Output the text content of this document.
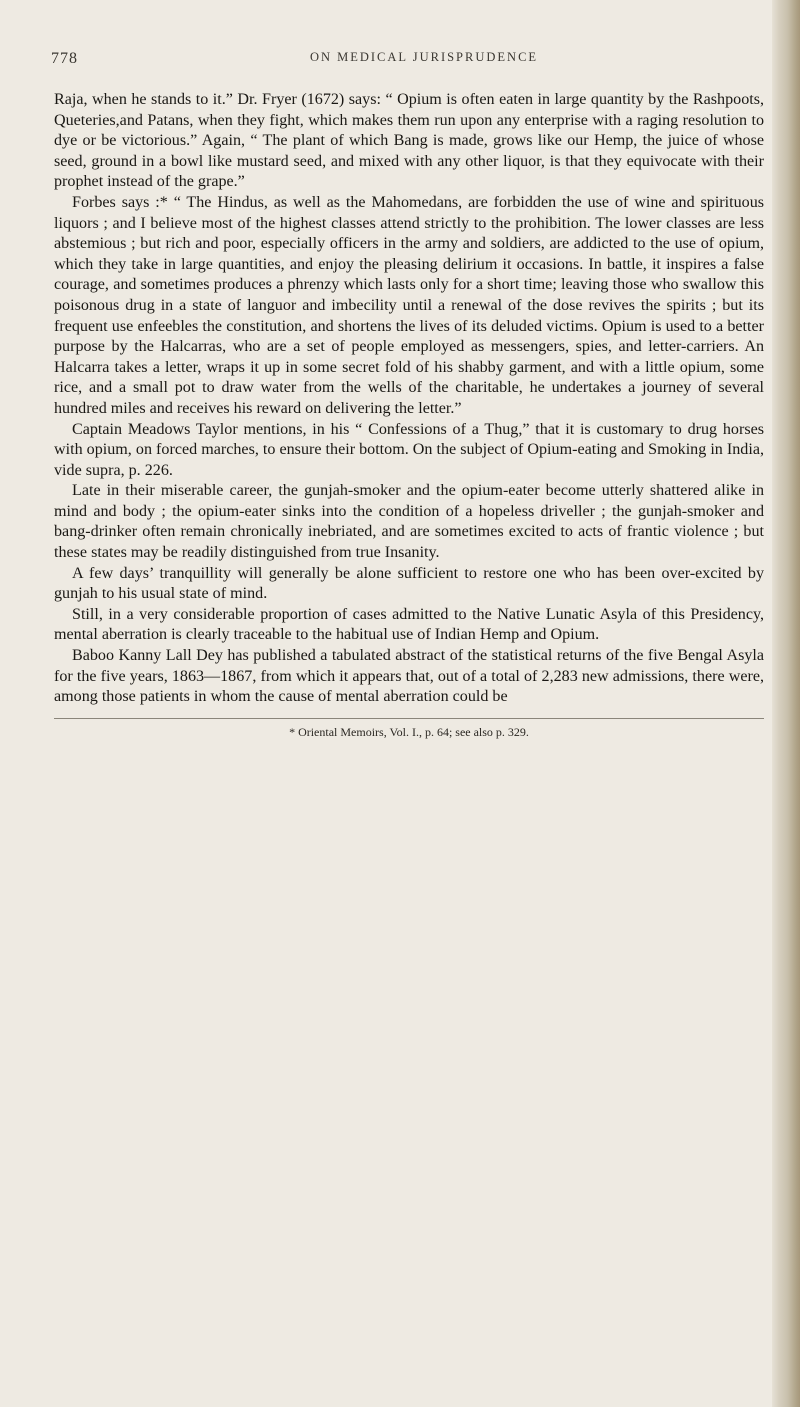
778	ON MEDICAL JURISPRUDENCE

Raja, when he stands to it.” Dr. Fryer (1672) says: “ Opium is often eaten in large quantity by the Rashpoots, Queteries,and Patans, when they fight, which makes them run upon any enterprise with a raging resolution to dye or be victorious.” Again, “ The plant of which Bang is made, grows like our Hemp, the juice of whose seed, ground in a bowl like mustard seed, and mixed with any other liquor, is that they equivocate with their prophet instead of the grape.”

Forbes says :* “ The Hindus, as well as the Mahomedans, are forbidden the use of wine and spirituous liquors ; and I believe most of the highest classes attend strictly to the prohibition. The lower classes are less abstemious ; but rich and poor, especially officers in the army and soldiers, are addicted to the use of opium, which they take in large quantities, and enjoy the pleasing delirium it occasions. In battle, it inspires a false courage, and sometimes produces a phrenzy which lasts only for a short time; leaving those who swallow this poisonous drug in a state of languor and imbecility until a renewal of the dose revives the spirits ; but its frequent use enfeebles the constitution, and shortens the lives of its deluded victims. Opium is used to a better purpose by the Halcarras, who are a set of people employed as messengers, spies, and letter-carriers. An Halcarra takes a letter, wraps it up in some secret fold of his shabby garment, and with a little opium, some rice, and a small pot to draw water from the wells of the charitable, he undertakes a journey of several hundred miles and receives his reward on delivering the letter.”

Captain Meadows Taylor mentions, in his “ Confessions of a Thug,” that it is customary to drug horses with opium, on forced marches, to ensure their bottom. On the subject of Opium-eating and Smoking in India, vide supra, p. 226.

Late in their miserable career, the gunjah-smoker and the opium-eater become utterly shattered alike in mind and body ; the opium-eater sinks into the condition of a hopeless driveller ; the gunjah-smoker and bang-drinker often remain chronically inebriated, and are sometimes excited to acts of frantic violence ; but these states may be readily distinguished from true Insanity.

A few days’ tranquillity will generally be alone sufficient to restore one who has been over-excited by gunjah to his usual state of mind.

Still, in a very considerable proportion of cases admitted to the Native Lunatic Asyla of this Presidency, mental aberration is clearly traceable to the habitual use of Indian Hemp and Opium.

Baboo Kanny Lall Dey has published a tabulated abstract of the statistical returns of the five Bengal Asyla for the five years, 1863—1867, from which it appears that, out of a total of 2,283 new admissions, there were, among those patients in whom the cause of mental aberration could be

* Oriental Memoirs, Vol. I., p. 64; see also p. 329.
